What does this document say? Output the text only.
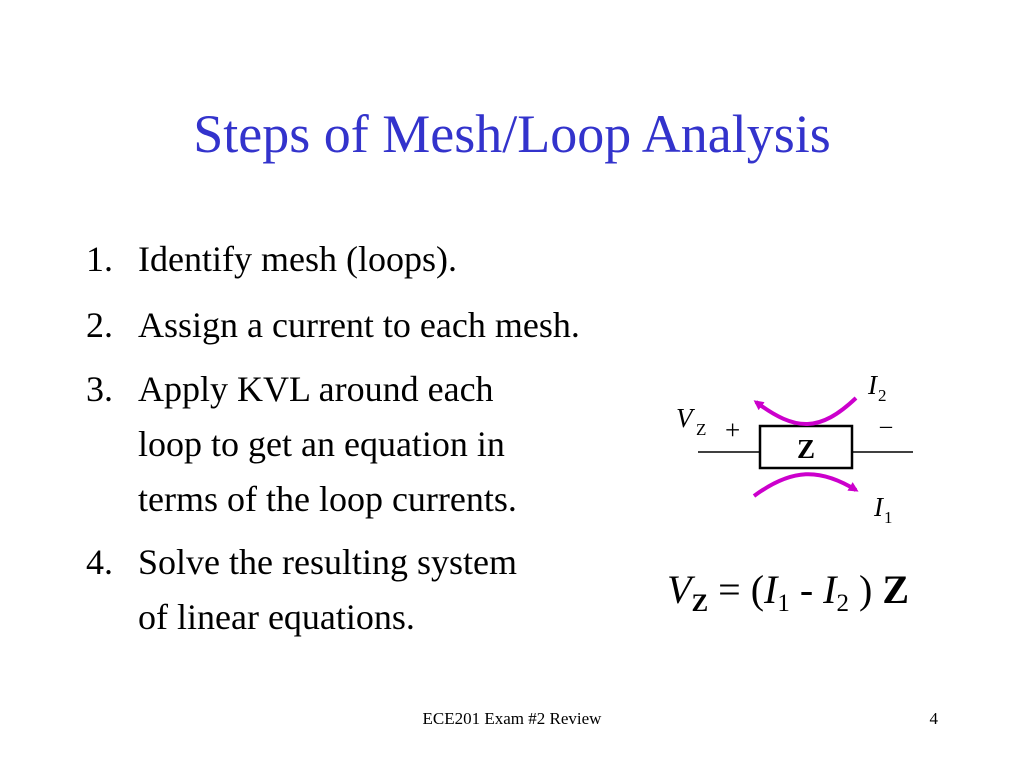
Steps of Mesh/Loop Analysis
1. Identify mesh (loops).
2. Assign a current to each mesh.
3. Apply KVL around each
loop to get an equation in
terms of the loop currents.
4. Solve the resulting system
of linear equations.
Z
V Z +	–
I 2
I 1
$V_Z = (I_1 - I_2$ ) Z
ECE201 Exam #2 Review	4
